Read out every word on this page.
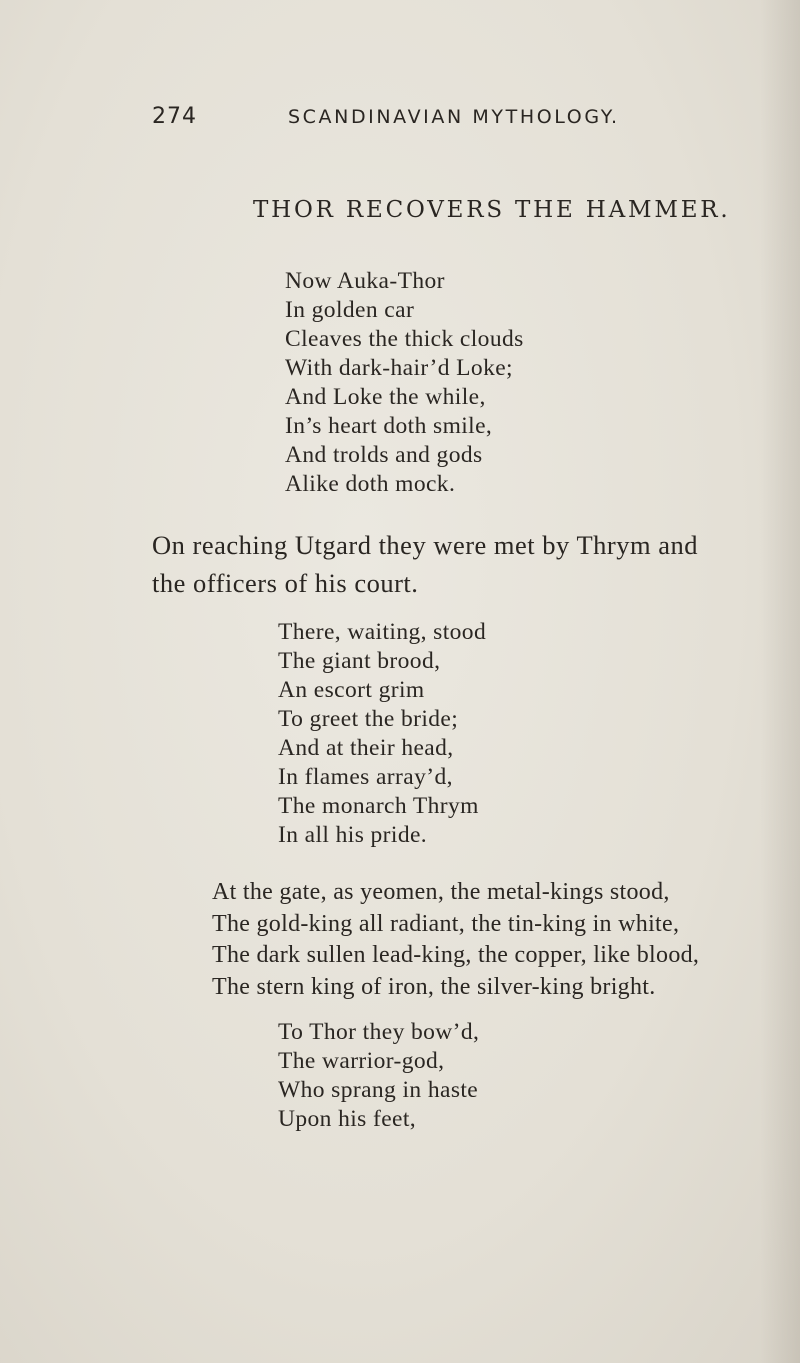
274	SCANDINAVIAN MYTHOLOGY.
THOR RECOVERS THE HAMMER.
Now Auka-Thor
In golden car
Cleaves the thick clouds
With dark-hair’d Loke;
And Loke the while,
In’s heart doth smile,
And trolds and gods
Alike doth mock.
On reaching Utgard they were met by Thrym and
the officers of his court.
There, waiting, stood
The giant brood,
An escort grim
To greet the bride;
And at their head,
In flames array’d,
The monarch Thrym
In all his pride.
At the gate, as yeomen, the metal-kings stood,
The gold-king all radiant, the tin-king in white,
The dark sullen lead-king, the copper, like blood,
The stern king of iron, the silver-king bright.
To Thor they bow’d,
The warrior-god,
Who sprang in haste
Upon his feet,
